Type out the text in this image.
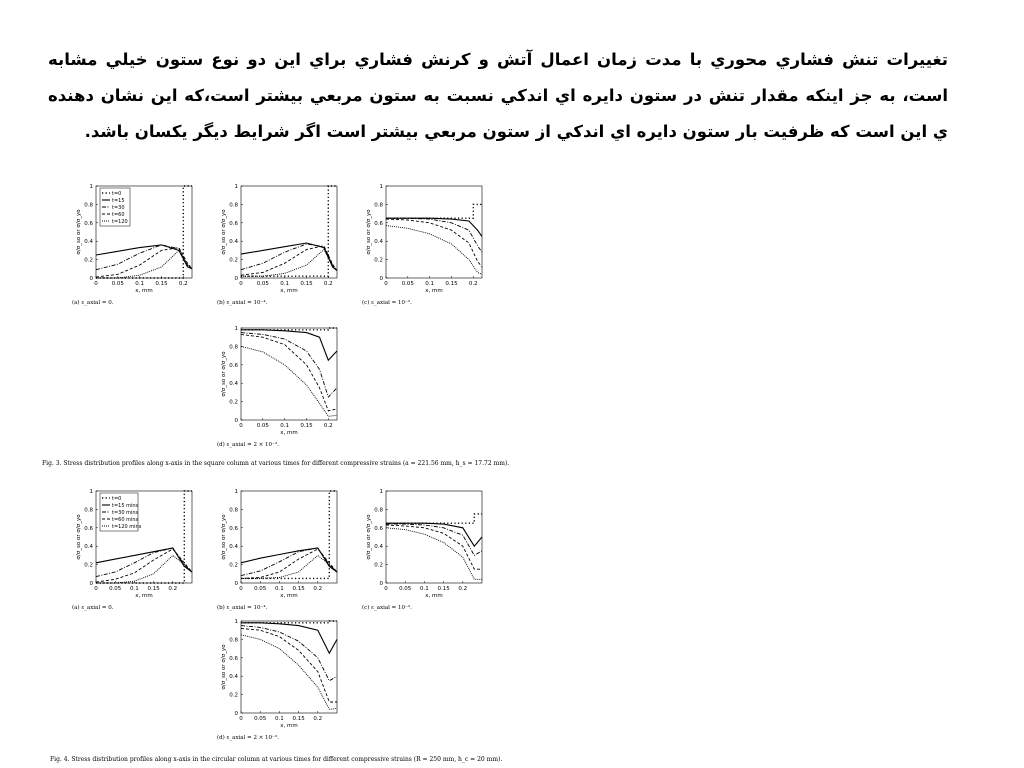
تغييرات تنش فشاري محوري با مدت زمان اعمال آتش و كرنش فشاري براي اين دو نوع ستون خيلي مشابه است، به جز اينكه مقدار تنش در ستون دايره اي اندكي نسبت به ستون مربعي بيشتر است،كه اين نشان دهنده ي اين است كه ظرفيت بار ستون دايره اي اندكي از ستون مربعي بيشتر است اگر شرايط ديگر يكسان باشد.
0
0.2
0.4
0.6
0.8
1
0	0.05 0.1 0.15 0.2
x, mm
σ/σ_so or σ/σ_yo
t=0
t=15
t=30
t=60
t=120
(a) ε_axial = 0.
0
0.2
0.4
0.6
0.8
1
0	0.05 0.1 0.15 0.2
x, mm
σ/σ_so or σ/σ_yo
(b) ε_axial = 10⁻⁴.
0
0.2
0.4
0.6
0.8
1
0	0.05 0.1 0.15 0.2
x, mm
σ/σ_so or σ/σ_yo
(c) ε_axial = 10⁻³.
0
0.2
0.4
0.6
0.8
1
0	0.05 0.1 0.15 0.2
x, mm
σ/σ_so or σ/σ_yo
(d) ε_axial = 2 × 10⁻³.
Fig. 3. Stress distribution profiles along x-axis in the square column at various times for different compressive strains (a = 221.56 mm, h_s = 17.72 mm).
0
0.2
0.4
0.6
0.8
1
0 0.05 0.1 0.15 0.2
x, mm
σ/σ_so or σ/σ_yo
t=0
t=15 mins
t=30 mins
t=60 mins
t=120 mins
(a) ε_axial = 0.
0
0.2
0.4
0.6
0.8
1
0 0.05 0.1 0.15 0.2
x, mm
σ/σ_so or σ/σ_yo
(b) ε_axial = 10⁻⁴.
0
0.2
0.4
0.6
0.8
1
0 0.05 0.1 0.15 0.2
x, mm
σ/σ_so or σ/σ_yo
(c) ε_axial = 10⁻³.
0
0.2
0.4
0.6
0.8
1
0 0.05 0.1 0.15 0.2
x, mm
σ/σ_so or σ/σ_yo
(d) ε_axial = 2 × 10⁻³.
Fig. 4. Stress distribution profiles along x-axis in the circular column at various times for different compressive strains (R = 250 mm, h_c = 20 mm).
